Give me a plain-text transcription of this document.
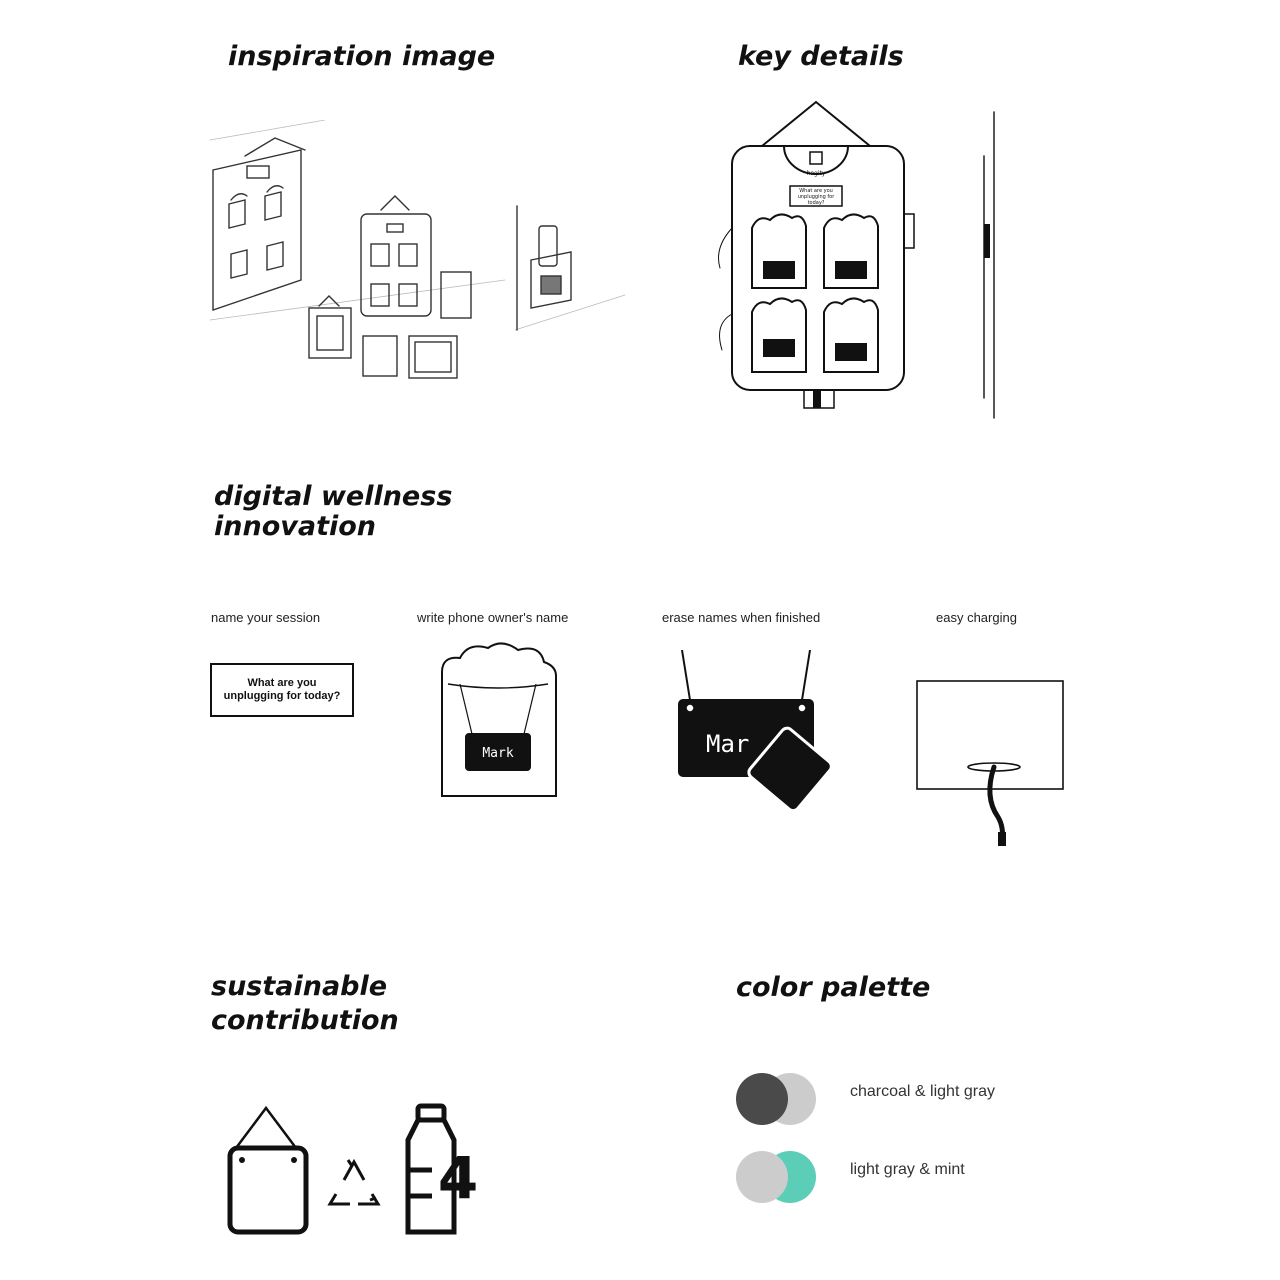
inspiration image	key details
digital wellness
innovation
sustainable
contribution
color palette
hogity
What are you unplugging for today?
name your session	write phone owner's name	erase names when finished	easy charging
What are you
unplugging for today?
Mark	Mar
4
charcoal & light gray
light gray & mint
